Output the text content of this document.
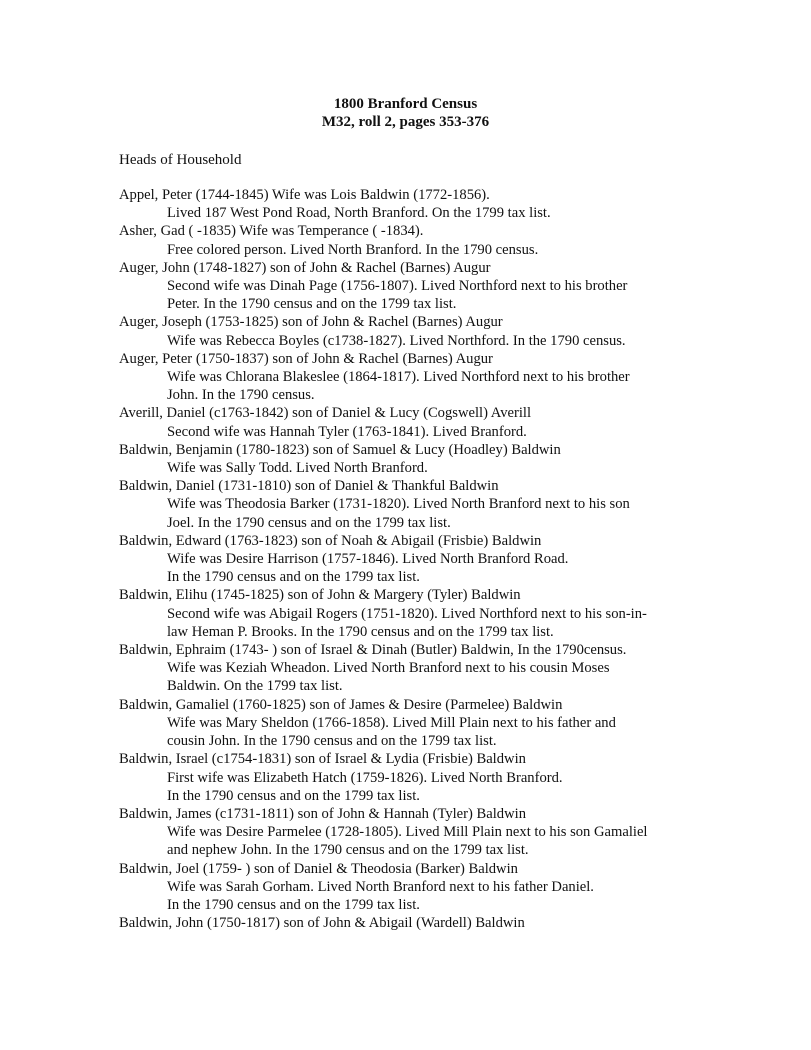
1800 Branford Census
M32, roll 2, pages 353-376
Heads of Household
Appel, Peter (1744-1845) Wife was Lois Baldwin (1772-1856).
Lived 187 West Pond Road, North Branford. On the 1799 tax list.
Asher, Gad ( -1835) Wife was Temperance ( -1834).
Free colored person. Lived North Branford. In the 1790 census.
Auger, John (1748-1827) son of John & Rachel (Barnes) Augur
Second wife was Dinah Page (1756-1807). Lived Northford next to his brother
Peter. In the 1790 census and on the 1799 tax list.
Auger, Joseph (1753-1825) son of John & Rachel (Barnes) Augur
Wife was Rebecca Boyles (c1738-1827). Lived Northford. In the 1790 census.
Auger, Peter (1750-1837) son of John & Rachel (Barnes) Augur
Wife was Chlorana Blakeslee (1864-1817). Lived Northford next to his brother
John. In the 1790 census.
Averill, Daniel (c1763-1842) son of Daniel & Lucy (Cogswell) Averill
Second wife was Hannah Tyler (1763-1841). Lived Branford.
Baldwin, Benjamin (1780-1823) son of Samuel & Lucy (Hoadley) Baldwin
Wife was Sally Todd. Lived North Branford.
Baldwin, Daniel (1731-1810) son of Daniel & Thankful Baldwin
Wife was Theodosia Barker (1731-1820). Lived North Branford next to his son
Joel. In the 1790 census and on the 1799 tax list.
Baldwin, Edward (1763-1823) son of Noah & Abigail (Frisbie) Baldwin
Wife was Desire Harrison (1757-1846). Lived North Branford Road.
In the 1790 census and on the 1799 tax list.
Baldwin, Elihu (1745-1825) son of John & Margery (Tyler) Baldwin
Second wife was Abigail Rogers (1751-1820). Lived Northford next to his son-in-
law Heman P. Brooks. In the 1790 census and on the 1799 tax list.
Baldwin, Ephraim (1743- ) son of Israel & Dinah (Butler) Baldwin, In the 1790census.
Wife was Keziah Wheadon. Lived North Branford next to his cousin Moses
Baldwin. On the 1799 tax list.
Baldwin, Gamaliel (1760-1825) son of James & Desire (Parmelee) Baldwin
Wife was Mary Sheldon (1766-1858). Lived Mill Plain next to his father and
cousin John. In the 1790 census and on the 1799 tax list.
Baldwin, Israel (c1754-1831) son of Israel & Lydia (Frisbie) Baldwin
First wife was Elizabeth Hatch (1759-1826). Lived North Branford.
In the 1790 census and on the 1799 tax list.
Baldwin, James (c1731-1811) son of John & Hannah (Tyler) Baldwin
Wife was Desire Parmelee (1728-1805). Lived Mill Plain next to his son Gamaliel
and nephew John. In the 1790 census and on the 1799 tax list.
Baldwin, Joel (1759- ) son of Daniel & Theodosia (Barker) Baldwin
Wife was Sarah Gorham. Lived North Branford next to his father Daniel.
In the 1790 census and on the 1799 tax list.
Baldwin, John (1750-1817) son of John & Abigail (Wardell) Baldwin
